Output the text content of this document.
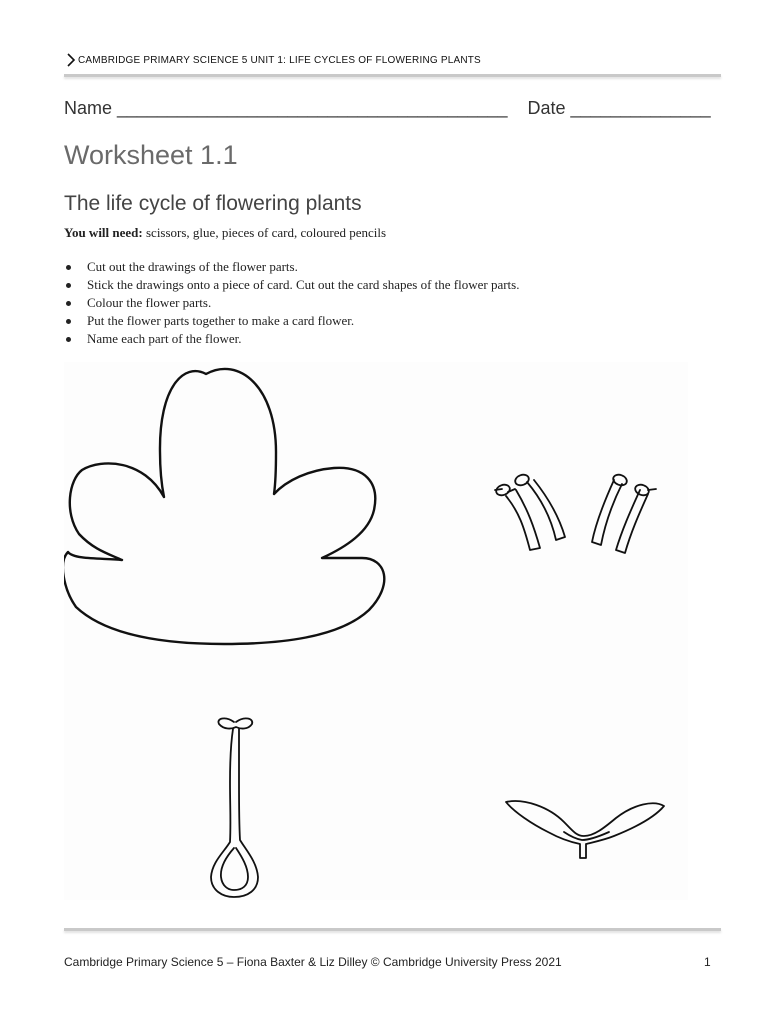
CAMBRIDGE PRIMARY SCIENCE 5 UNIT 1: LIFE CYCLES OF FLOWERING PLANTS
Name _______________________________________ Date ______________
Worksheet 1.1
The life cycle of flowering plants
You will need: scissors, glue, pieces of card, coloured pencils
Cut out the drawings of the flower parts.
Stick the drawings onto a piece of card. Cut out the card shapes of the flower parts.
Colour the flower parts.
Put the flower parts together to make a card flower.
Name each part of the flower.
Cambridge Primary Science 5 – Fiona Baxter & Liz Dilley © Cambridge University Press 2021	1
